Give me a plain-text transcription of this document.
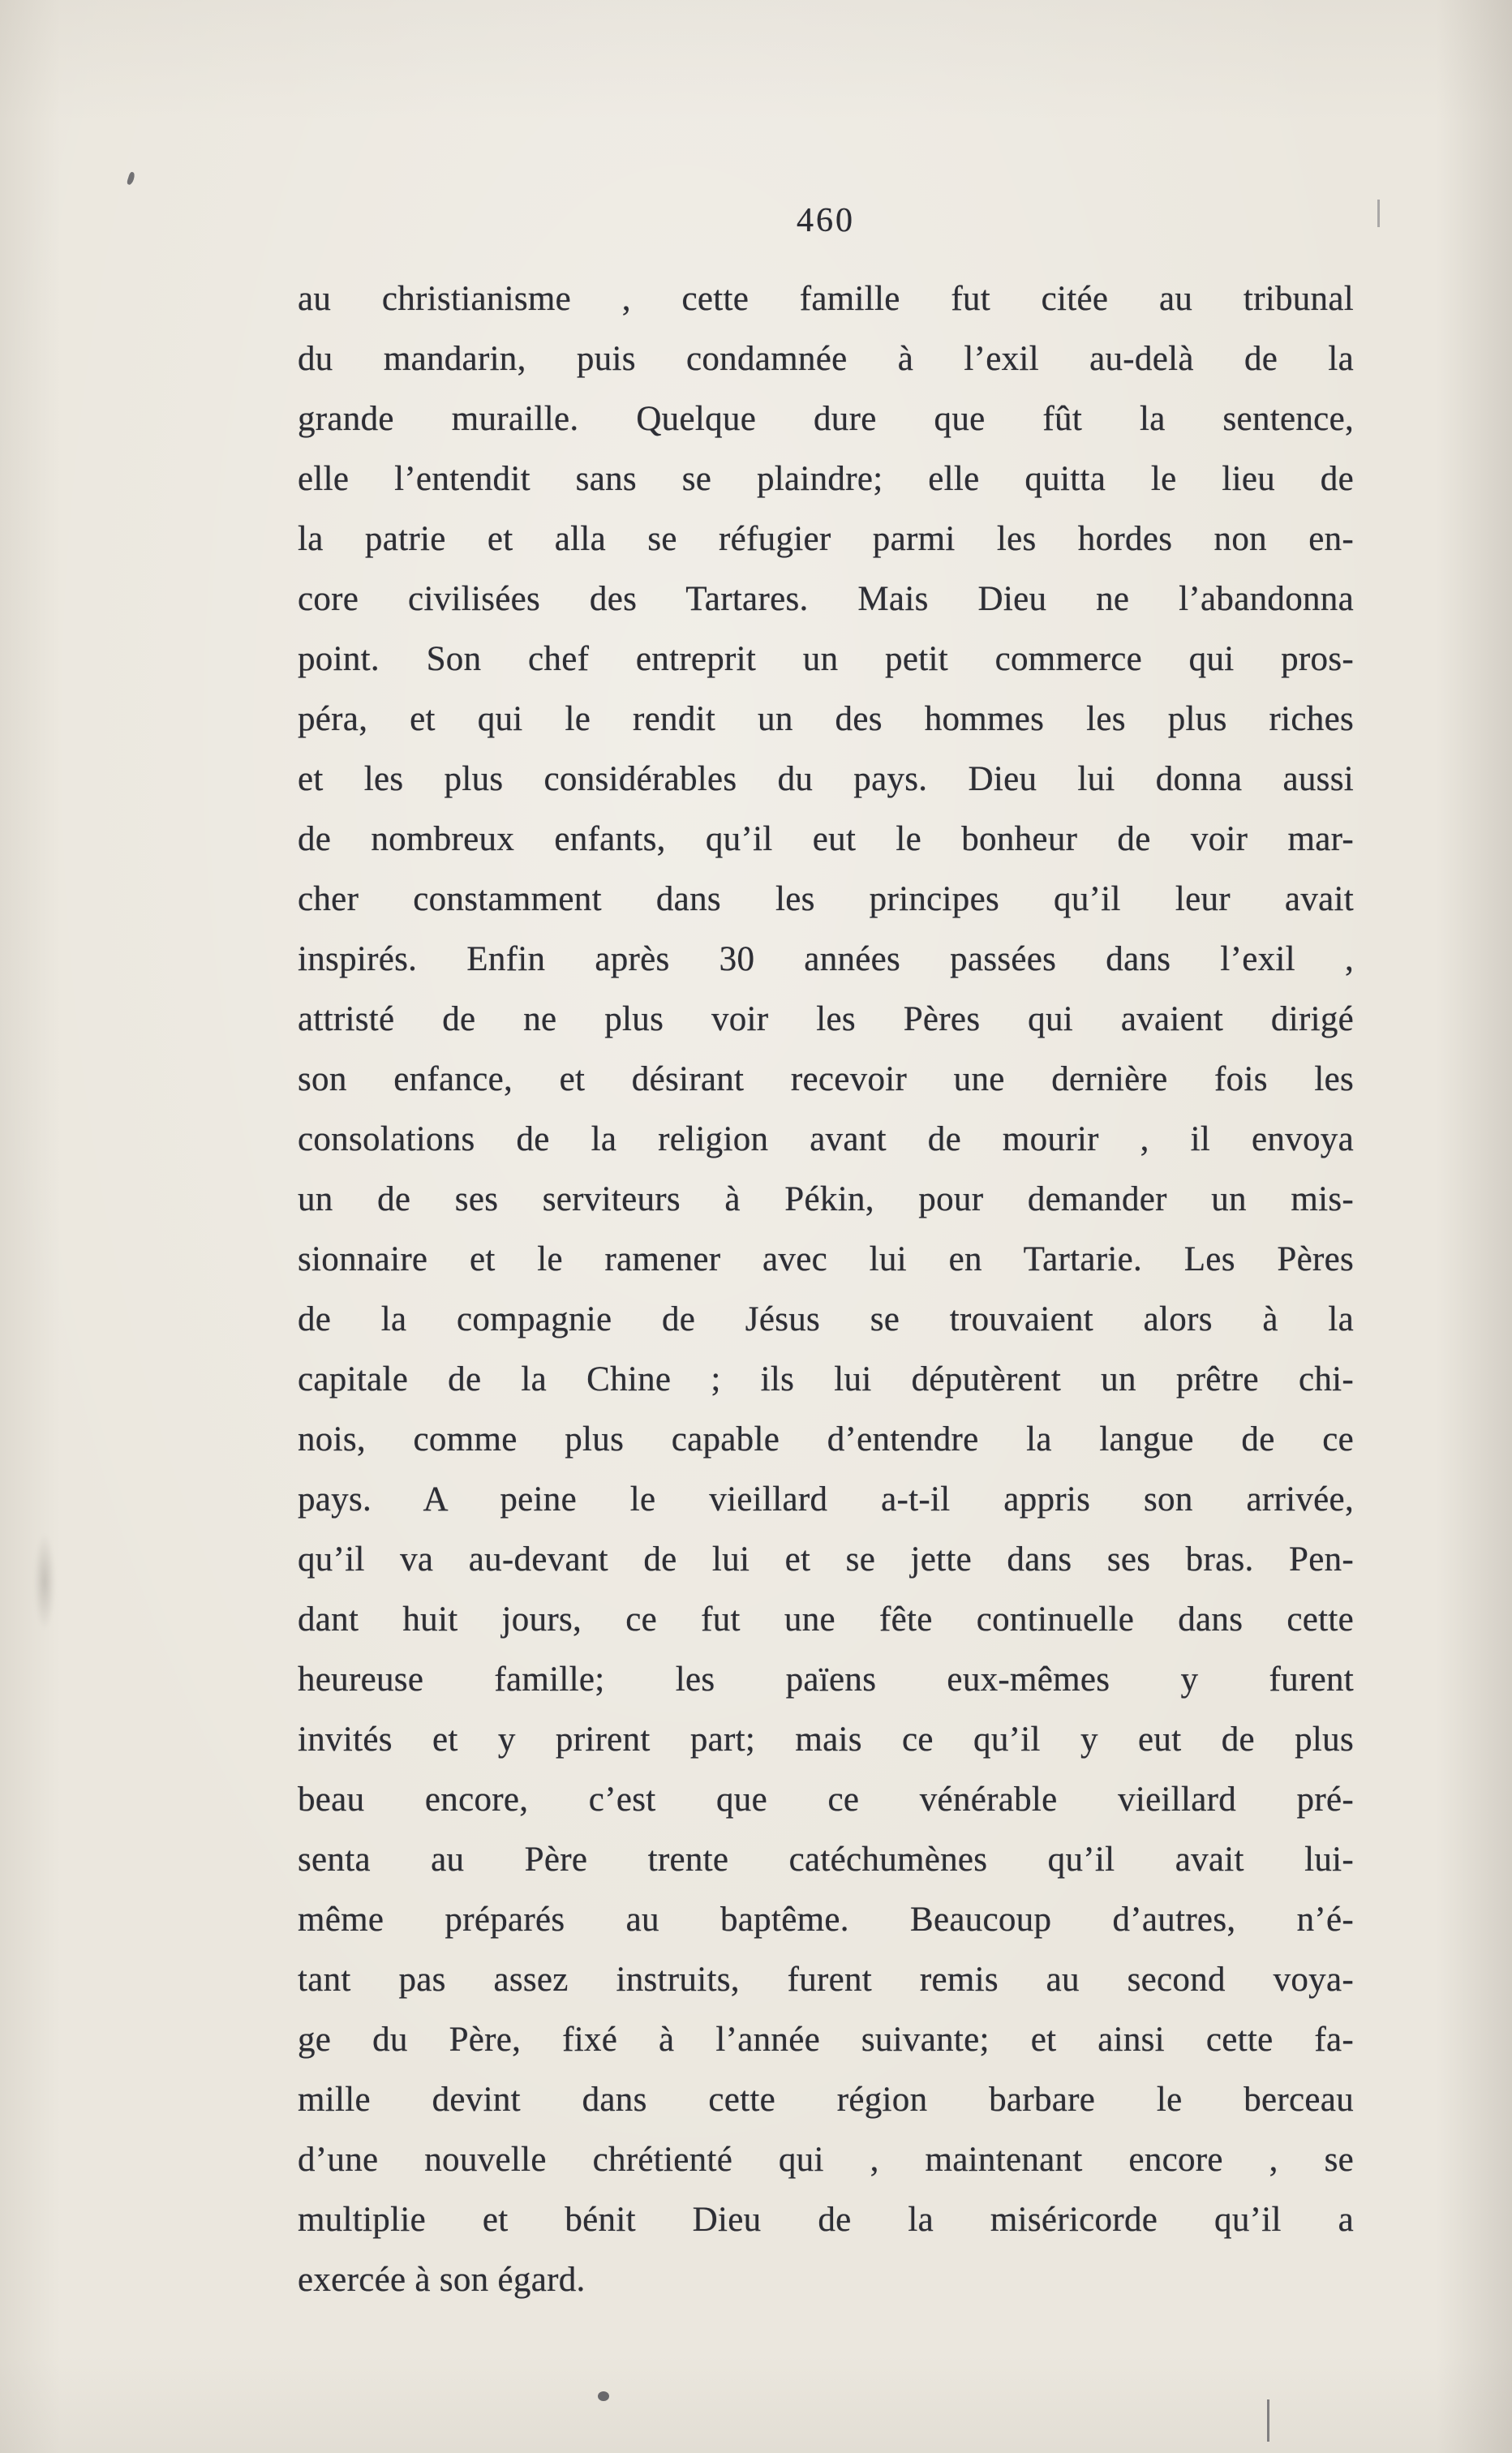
460

au christianisme , cette famille fut citée au tribunal

du mandarin, puis condamnée à l’exil au-delà de la

grande muraille. Quelque dure que fût la sentence,

elle l’entendit sans se plaindre; elle quitta le lieu de

la patrie et alla se réfugier parmi les hordes non en-

core civilisées des Tartares. Mais Dieu ne l’abandonna

point. Son chef entreprit un petit commerce qui pros-

péra, et qui le rendit un des hommes les plus riches

et les plus considérables du pays. Dieu lui donna aussi

de nombreux enfants, qu’il eut le bonheur de voir mar-

cher constamment dans les principes qu’il leur avait

inspirés. Enfin après 30 années passées dans l’exil ,

attristé de ne plus voir les Pères qui avaient dirigé

son enfance, et désirant recevoir une dernière fois les

consolations de la religion avant de mourir , il envoya

un de ses serviteurs à Pékin, pour demander un mis-

sionnaire et le ramener avec lui en Tartarie. Les Pères

de la compagnie de Jésus se trouvaient alors à la

capitale de la Chine ; ils lui députèrent un prêtre chi-

nois, comme plus capable d’entendre la langue de ce

pays. A peine le vieillard a-t-il appris son arrivée,

qu’il va au-devant de lui et se jette dans ses bras. Pen-

dant huit jours, ce fut une fête continuelle dans cette

heureuse famille; les païens eux-mêmes y furent

invités et y prirent part; mais ce qu’il y eut de plus

beau encore, c’est que ce vénérable vieillard pré-

senta au Père trente catéchumènes qu’il avait lui-

même préparés au baptême. Beaucoup d’autres, n’é-

tant pas assez instruits, furent remis au second voya-

ge du Père, fixé à l’année suivante; et ainsi cette fa-

mille devint dans cette région barbare le berceau

d’une nouvelle chrétienté qui , maintenant encore , se

multiplie et bénit Dieu de la miséricorde qu’il a

exercée à son égard.
